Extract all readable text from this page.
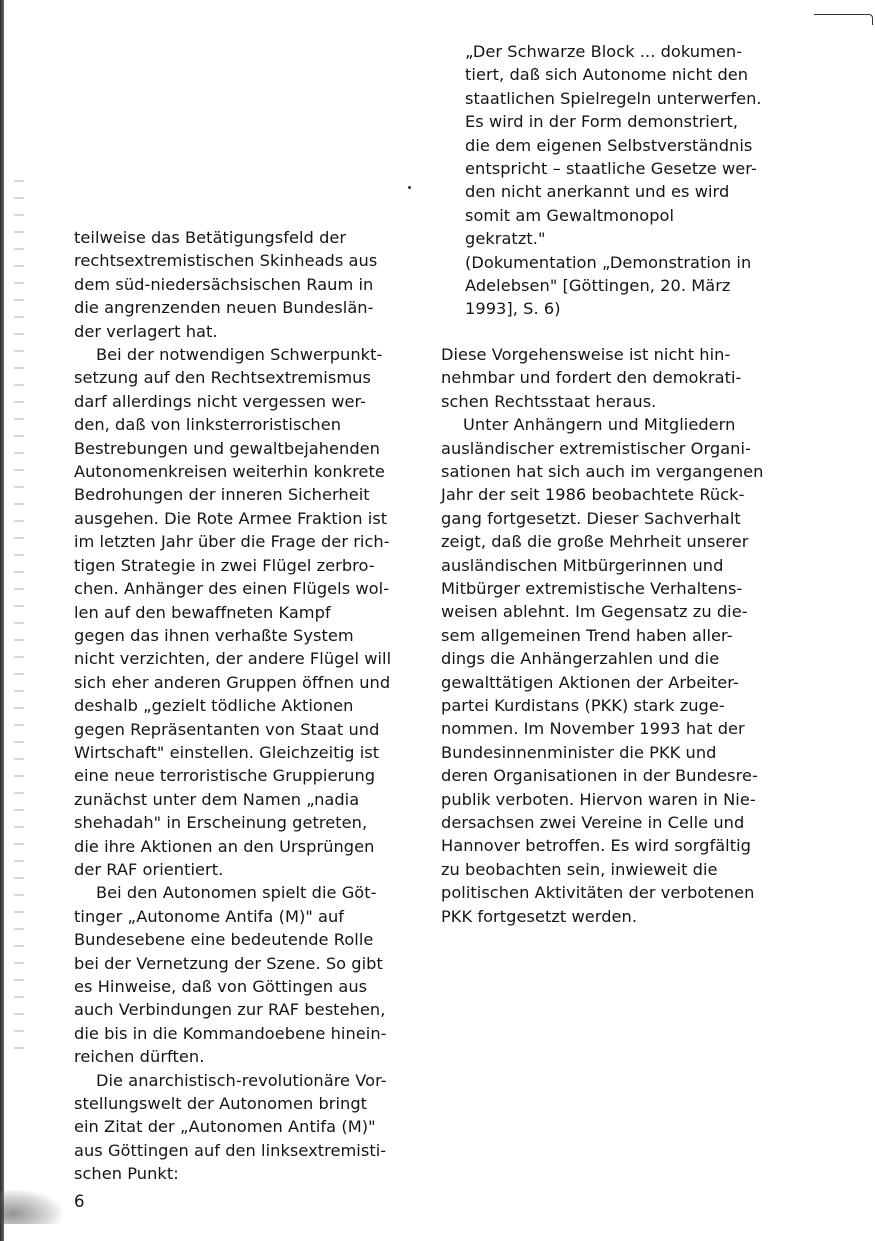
teilweise das Betätigungsfeld der
rechtsextremistischen Skinheads aus
dem süd-niedersächsischen Raum in
die angrenzenden neuen Bundeslän-
der verlagert hat.
Bei der notwendigen Schwerpunkt-
setzung auf den Rechtsextremismus
darf allerdings nicht vergessen wer-
den, daß von linksterroristischen
Bestrebungen und gewaltbejahenden
Autonomenkreisen weiterhin konkrete
Bedrohungen der inneren Sicherheit
ausgehen. Die Rote Armee Fraktion ist
im letzten Jahr über die Frage der rich-
tigen Strategie in zwei Flügel zerbro-
chen. Anhänger des einen Flügels wol-
len auf den bewaffneten Kampf
gegen das ihnen verhaßte System
nicht verzichten, der andere Flügel will
sich eher anderen Gruppen öffnen und
deshalb „gezielt tödliche Aktionen
gegen Repräsentanten von Staat und
Wirtschaft" einstellen. Gleichzeitig ist
eine neue terroristische Gruppierung
zunächst unter dem Namen „nadia
shehadah" in Erscheinung getreten,
die ihre Aktionen an den Ursprüngen
der RAF orientiert.
Bei den Autonomen spielt die Göt-
tinger „Autonome Antifa (M)" auf
Bundesebene eine bedeutende Rolle
bei der Vernetzung der Szene. So gibt
es Hinweise, daß von Göttingen aus
auch Verbindungen zur RAF bestehen,
die bis in die Kommandoebene hinein-
reichen dürften.
Die anarchistisch-revolutionäre Vor-
stellungswelt der Autonomen bringt
ein Zitat der „Autonomen Antifa (M)"
aus Göttingen auf den linksextremisti-
schen Punkt:
„Der Schwarze Block ... dokumen-
tiert, daß sich Autonome nicht den
staatlichen Spielregeln unterwerfen.
Es wird in der Form demonstriert,
die dem eigenen Selbstverständnis
entspricht – staatliche Gesetze wer-
den nicht anerkannt und es wird
somit am Gewaltmonopol
gekratzt."
(Dokumentation „Demonstration in
Adelebsen" [Göttingen, 20. März
1993], S. 6)
Diese Vorgehensweise ist nicht hin-
nehmbar und fordert den demokrati-
schen Rechtsstaat heraus.
Unter Anhängern und Mitgliedern
ausländischer extremistischer Organi-
sationen hat sich auch im vergangenen
Jahr der seit 1986 beobachtete Rück-
gang fortgesetzt. Dieser Sachverhalt
zeigt, daß die große Mehrheit unserer
ausländischen Mitbürgerinnen und
Mitbürger extremistische Verhaltens-
weisen ablehnt. Im Gegensatz zu die-
sem allgemeinen Trend haben aller-
dings die Anhängerzahlen und die
gewalttätigen Aktionen der Arbeiter-
partei Kurdistans (PKK) stark zuge-
nommen. Im November 1993 hat der
Bundesinnenminister die PKK und
deren Organisationen in der Bundesre-
publik verboten. Hiervon waren in Nie-
dersachsen zwei Vereine in Celle und
Hannover betroffen. Es wird sorgfältig
zu beobachten sein, inwieweit die
politischen Aktivitäten der verbotenen
PKK fortgesetzt werden.
6
